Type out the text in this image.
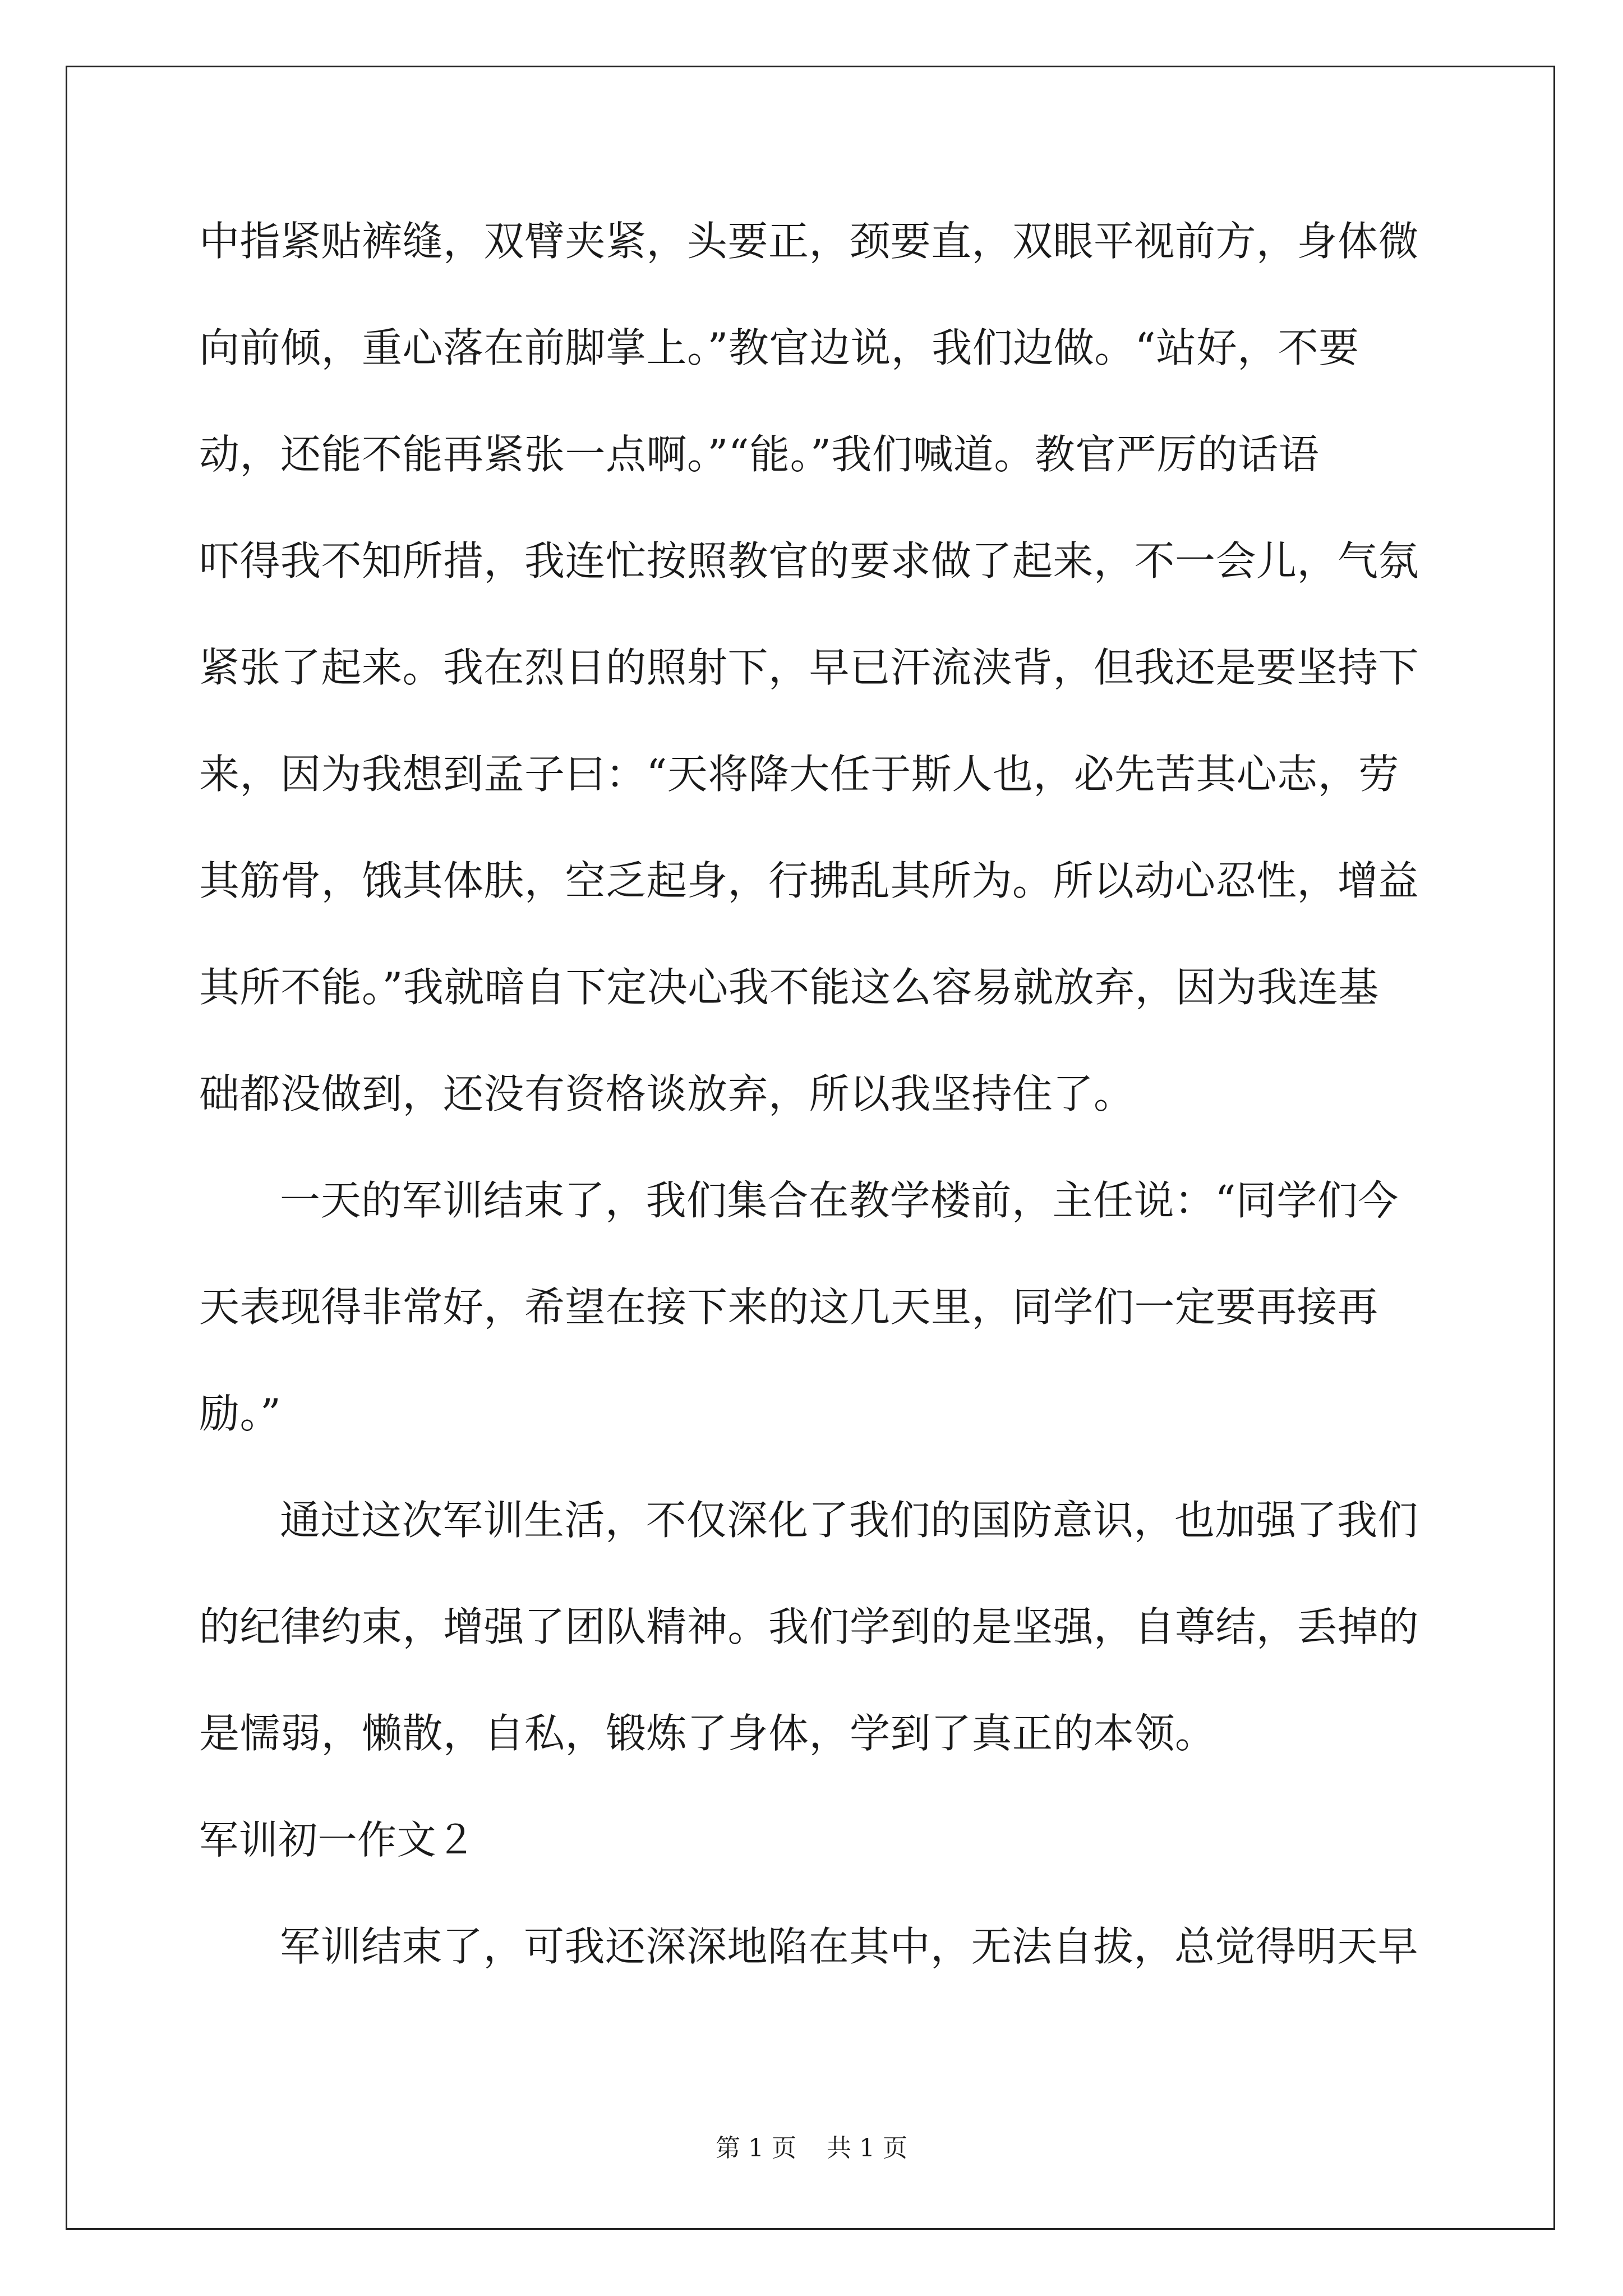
中指紧贴裤缝，双臂夹紧，头要正，颈要直，双眼平视前方，身体微

向前倾，重心落在前脚掌上。”教官边说，我们边做。“站好，不要

动，还能不能再紧张一点啊。”“能。”我们喊道。教官严厉的话语

吓得我不知所措，我连忙按照教官的要求做了起来，不一会儿，气氛

紧张了起来。我在烈日的照射下，早已汗流浃背，但我还是要坚持下

来，因为我想到孟子曰：“天将降大任于斯人也，必先苦其心志，劳

其筋骨，饿其体肤，空乏起身，行拂乱其所为。所以动心忍性，增益

其所不能。”我就暗自下定决心我不能这么容易就放弃，因为我连基

础都没做到，还没有资格谈放弃，所以我坚持住了。

一天的军训结束了，我们集合在教学楼前，主任说：“同学们今

天表现得非常好，希望在接下来的这几天里，同学们一定要再接再

励。”

通过这次军训生活，不仅深化了我们的国防意识，也加强了我们

的纪律约束，增强了团队精神。我们学到的是坚强，自尊结，丢掉的

是懦弱，懒散，自私，锻炼了身体，学到了真正的本领。

军训初一作文２

军训结束了，可我还深深地陷在其中，无法自拔，总觉得明天早

第 1 页 共 1 页
